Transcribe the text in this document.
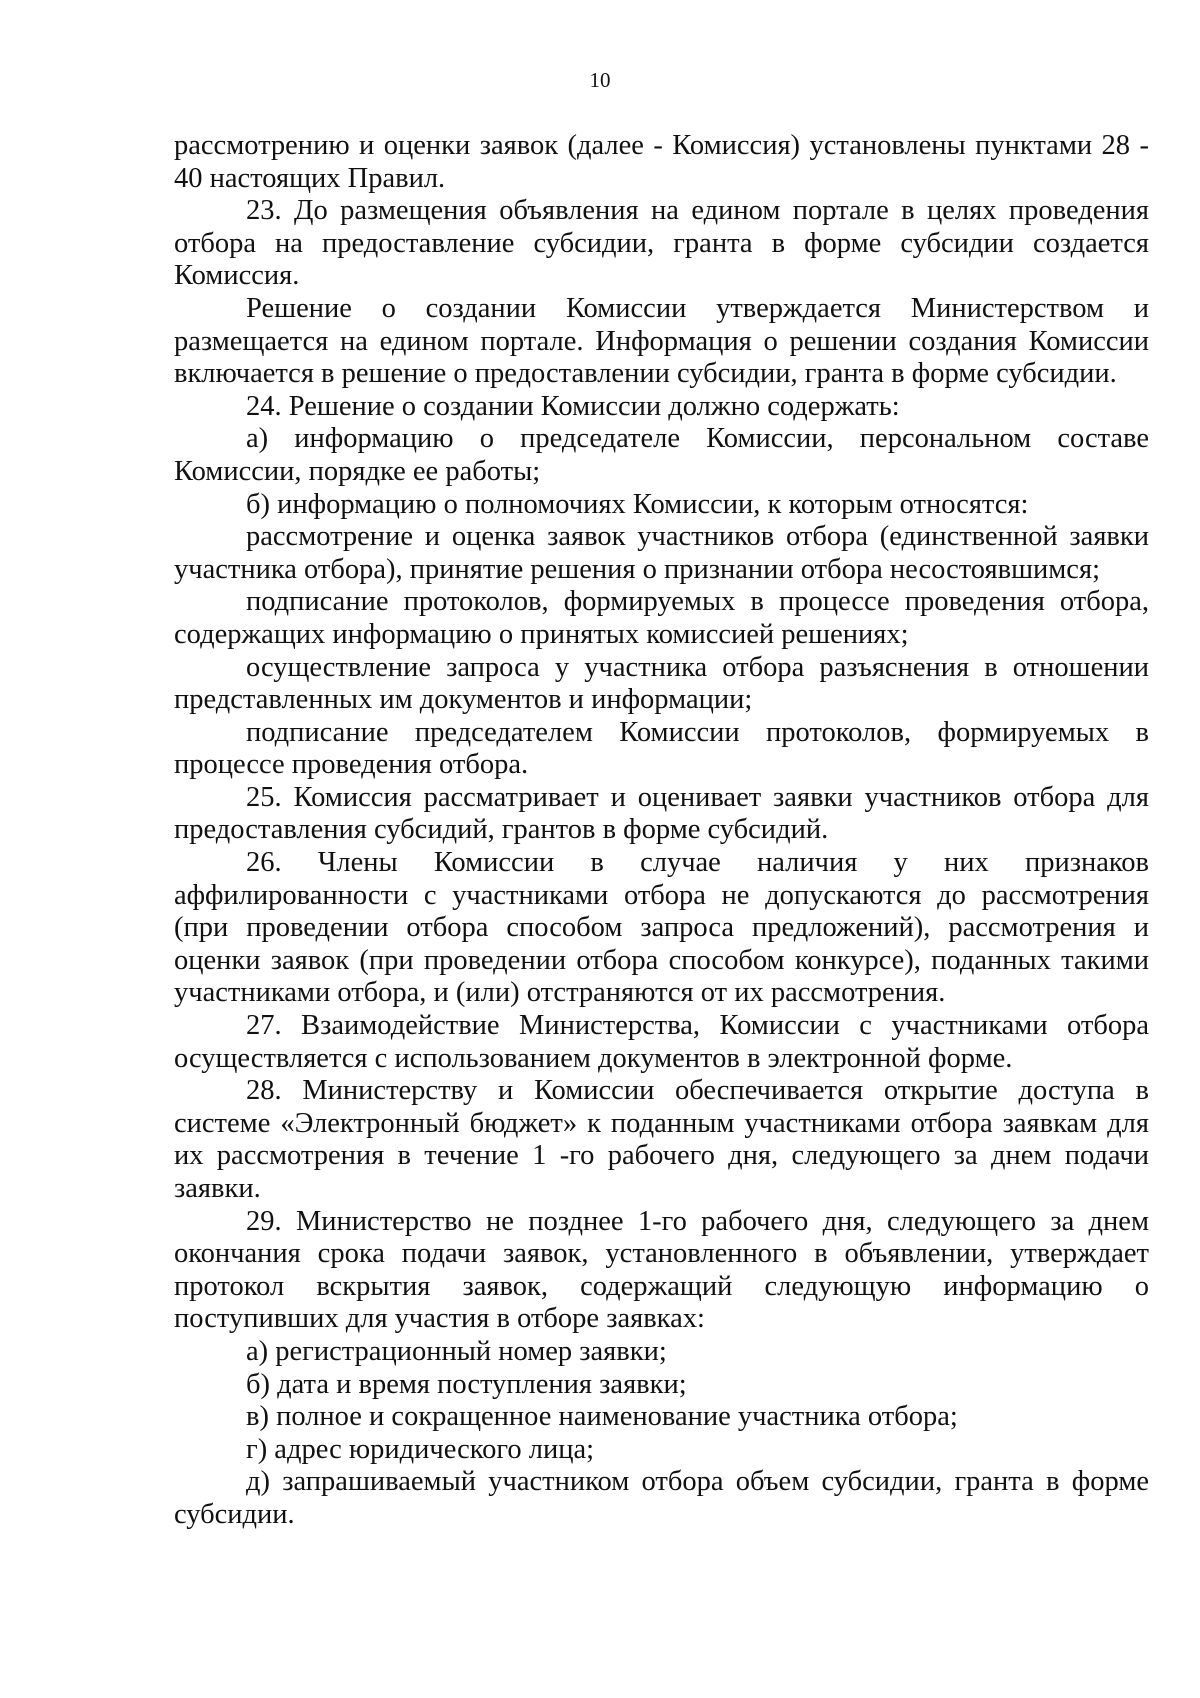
10

рассмотрению и оценки заявок (далее - Комиссия) установлены пунктами 28 - 40 настоящих Правил.

23. До размещения объявления на едином портале в целях проведения отбора на предоставление субсидии, гранта в форме субсидии создается Комиссия.

Решение о создании Комиссии утверждается Министерством и размещается на едином портале. Информация о решении создания Комиссии включается в решение о предоставлении субсидии, гранта в форме субсидии.

24. Решение о создании Комиссии должно содержать:

а) информацию о председателе Комиссии, персональном составе Комиссии, порядке ее работы;

б) информацию о полномочиях Комиссии, к которым относятся:

рассмотрение и оценка заявок участников отбора (единственной заявки участника отбора), принятие решения о признании отбора несостоявшимся;

подписание протоколов, формируемых в процессе проведения отбора, содержащих информацию о принятых комиссией решениях;

осуществление запроса у участника отбора разъяснения в отношении представленных им документов и информации;

подписание председателем Комиссии протоколов, формируемых в процессе проведения отбора.

25. Комиссия рассматривает и оценивает заявки участников отбора для предоставления субсидий, грантов в форме субсидий.

26. Члены Комиссии в случае наличия у них признаков аффилированности с участниками отбора не допускаются до рассмотрения (при проведении отбора способом запроса предложений), рассмотрения и оценки заявок (при проведении отбора способом конкурсе), поданных такими участниками отбора, и (или) отстраняются от их рассмотрения.

27. Взаимодействие Министерства, Комиссии с участниками отбора осуществляется с использованием документов в электронной форме.

28. Министерству и Комиссии обеспечивается открытие доступа в системе «Электронный бюджет» к поданным участниками отбора заявкам для их рассмотрения в течение 1 -го рабочего дня, следующего за днем подачи заявки.

29. Министерство не позднее 1-го рабочего дня, следующего за днем окончания срока подачи заявок, установленного в объявлении, утверждает протокол вскрытия заявок, содержащий следующую информацию о поступивших для участия в отборе заявках:

а) регистрационный номер заявки;

б) дата и время поступления заявки;

в) полное и сокращенное наименование участника отбора;

г) адрес юридического лица;

д) запрашиваемый участником отбора объем субсидии, гранта в форме субсидии.
